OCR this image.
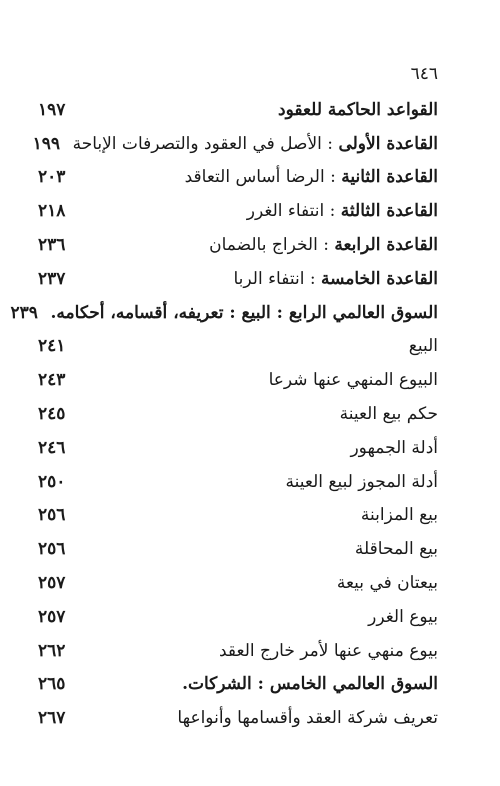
٦٤٦
القواعد الحاكمة للعقود
١٩٧
القاعدة الأولى : الأصل في العقود والتصرفات الإباحة
١٩٩
القاعدة الثانية : الرضا أساس التعاقد
٢٠٣
القاعدة الثالثة : انتفاء الغرر
٢١٨
القاعدة الرابعة : الخراج بالضمان
٢٣٦
القاعدة الخامسة : انتفاء الربا
٢٣٧
السوق العالمي الرابع : البيع : تعريفه، أقسامه، أحكامه.
٢٣٩
البيع
٢٤١
البيوع المنهي عنها شرعا
٢٤٣
حكم بيع العينة
٢٤٥
أدلة الجمهور
٢٤٦
أدلة المجوز لبيع العينة
٢٥٠
بيع المزابنة
٢٥٦
بيع المحاقلة
٢٥٦
بيعتان في بيعة
٢٥٧
بيوع الغرر
٢٥٧
بيوع منهي عنها لأمر خارج العقد
٢٦٢
السوق العالمي الخامس : الشركات.
٢٦٥
تعريف شركة العقد وأقسامها وأنواعها
٢٦٧
